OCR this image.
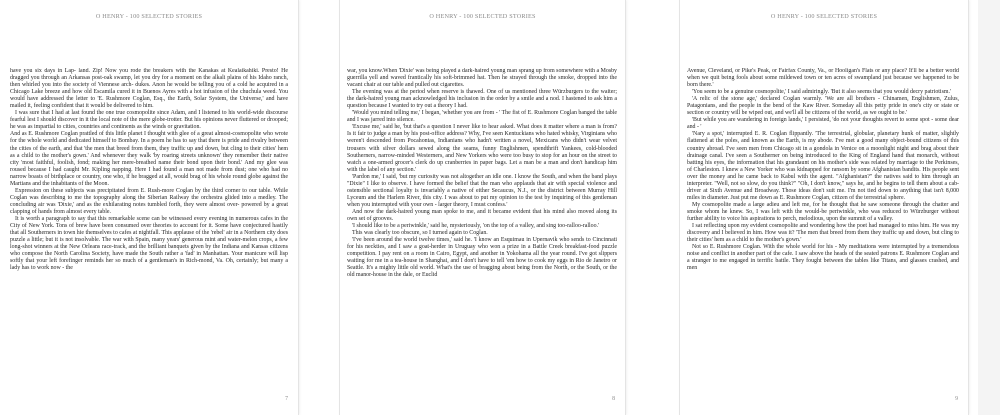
O HENRY - 100 SELECTED STORIES

have you six days in Lap- land. Zip! Now you rode the breakers with the Kanakas at Kealaikahiki. Presto! He dragged you through an Arkansas post-oak swamp, let you dry for a moment on the alkali plains of his Idaho ranch, then whirled you into the society of Viennese arch- dukes. Anon he would be telling you of a cold he acquired in a Chicago Lake breeze and how old Escamila cured it in Buenos Ayres with a hot infusion of the chuchula weed. You would have addressed the letter to 'E. Rushmore Coglan, Esq., the Earth, Solar System, the Universe,' and have mailed it, feeling confident that it would be delivered to him.

I was sure that I had at last found the one true cosmopolite since Adam, and I listened to his world-wide discourse fearful lest I should discover in it the local note of the mere globe-trotter. But his opinions never fluttered or drooped; he was as impartial to cities, countries and continents as the winds or gravitation.

And as E. Rushmore Coglan prattled of this little planet I thought with glee of a great almost-cosmopolite who wrote for the whole world and dedicated himself to Bombay. In a poem he has to say that there is pride and rivalry between the cities of the earth, and that 'the men that breed from them, they traffic up and down, but cling to their cities' hem as a child to the mother's gown.' And whenever they walk 'by roaring streets unknown' they remember their native city 'most faithful, foolish, fond; making her mere-breathed name their bond upon their bond.' And my glee was roused because I had caught Mr. Kipling napping. Here I had found a man not made from dust; one who had no narrow boasts of birthplace or country, one who, if he bragged at all, would brag of his whole round globe against the Martians and the inhabitants of the Moon.

Expression on these subjects was precipitated from E. Rush-more Coglan by the third corner to our table. While Coglan was describing to me the topography along the Siberian Railway the orchestra glided into a medley. The concluding air was 'Dixie,' and as the exhilarating notes tumbled forth, they were almost over- powered by a great clapping of hands from almost every table.

It is worth a paragraph to say that this remarkable scene can be witnessed every evening in numerous cafes in the City of New York. Tons of brew have been consumed over theories to account for it. Some have conjectured hastily that all Southerners in town hie themselves to cafes at nightfall. This applause of the 'rebel' air in a Northern city does puzzle a little; but it is not insolvable. The war with Spain, many years' generous mint and water-melon crops, a few long-shot winners at the New Orleans race-track, and the brilliant banquets given by the Indiana and Kansas citizens who compose the North Carolina Society, have made the South rather a 'fad' in Manhattan. Your manicure will lisp softly that your left forefinger reminds her so much of a gentleman's in Rich-mond, Va. Oh, certainly; but many a lady has to work now - the

7
O HENRY - 100 SELECTED STORIES

war, you know.When 'Dixie' was being played a dark-haired young man sprang up from somewhere with a Mosby guerrilla yell and waved frantically his soft-brimmed hat. Then he strayed through the smoke, dropped into the vacant chair at our table and pulled out cigarettes.

The evening was at the period when reserve is thawed. One of us mentioned three Würzburgers to the waiter; the dark-haired young man acknowledged his inclusion in the order by a smile and a nod. I hastened to ask him a question because I wanted to try out a theory I had.

'Would you mind telling me,' I began, 'whether you are from - ' The fist of E. Rushmore Coglan banged the table and I was jarred into silence.

'Excuse me,' said he, 'but that's a question I never like to hear asked. What does it matter where a man is from? Is it fair to judge a man by his post-office address? Why, I've seen Kentuckians who hated whisky, Virginians who weren't descended from Pocahontas, Indianians who hadn't written a novel, Mexicans who didn't wear velvet trousers with silver dollars sewed along the seams, funny Englishmen, spendthrift Yankees, cold-blooded Southerners, narrow-minded Westerners, and New Yorkers who were too busy to stop for an hour on the street to watch a one-armed grocer's clerk do up cranberries in paper bags. Let a man be a man and don't handicap him with the label of any section.'

'Pardon me,' I said, 'but my curiosity was not altogether an idle one. I know the South, and when the band plays "Dixie" I like to observe. I have formed the belief that the man who applauds that air with special violence and ostensible sectional loyalty is invariably a native of either Secaucus, N.J., or the district between Murray Hill Lyceum and the Harlem River, this city. I was about to put my opinion to the test by inquiring of this gentleman when you interrupted with your own - larger theory, I must confess.'

And now the dark-haired young man spoke to me, and it became evident that his mind also moved along its own set of grooves.

'I should like to be a periwinkle,' said he, mysteriously, 'on the top of a valley, and sing too-ralloo-ralloo.'

This was clearly too obscure, so I turned again to Coglan.

'I've been around the world twelve times,' said he. 'I know an Esquimau in Upernavik who sends to Cincinnati for his neckties, and I saw a goat-herder in Uruguay who won a prize in a Battle Creek breakfast-food puzzle competition. I pay rent on a room in Cairo, Egypt, and another in Yokohama all the year round. I've got slippers waiting for me in a tea-house in Shanghai, and I don't have to tell 'em how to cook my eggs in Rio de Janeiro or Seattle. It's a mighty little old world. What's the use of bragging about being from the North, or the South, or the old manor-house in the dale, or Euclid

8
O HENRY - 100 SELECTED STORIES

Avenue, Cleveland, or Pike's Peak, or Fairfax County, Va., or Hooligan's Flats or any place? It'll be a better world when we quit being fools about some mildewed town or ten acres of swampland just because we happened to be born there.'

'You seem to be a genuine cosmopolite,' I said admiringly. 'But it also seems that you would decry patriotism.'

'A relic of the stone age,' declared Coglan warmly. 'We are all brothers - Chinamen, Englishmen, Zulus, Patagonians, and the people in the bend of the Kaw River. Someday all this petty pride in one's city or state or section or country will be wiped out, and we'll all be citizens of the world, as we ought to be.'

'But while you are wandering in foreign lands,' I persisted, 'do not your thoughts revert to some spot - some dear and - '

'Nary a spot,' interrupted E. R. Coglan flippantly. 'The terrestrial, globular, planetary hunk of matter, slightly flattened at the poles, and known as the Earth, is my abode. I've met a good many object-bound citizens of this country abroad. I've seen men from Chicago sit in a gondola in Venice on a moonlight night and brag about their drainage canal. I've seen a Southerner on being introduced to the King of England hand that monarch, without batting his eyes, the information that his grandaunt on his mother's side was related by marriage to the Perkinses, of Charleston. I knew a New Yorker who was kidnapped for ransom by some Afghanistan bandits. His people sent over the money and he came back to Kabul with the agent. "Afghanistan?" the natives said to him through an interpreter. "Well, not so slow, do you think?" "Oh, I don't know," says he, and he begins to tell them about a cab-driver at Sixth Avenue and Broadway. Those ideas don't suit me. I'm not tied down to anything that isn't 8,000 miles in diameter. Just put me down as E. Rushmore Coglan, citizen of the terrestrial sphere.

My cosmopolite made a large adieu and left me, for he thought that he saw someone through the chatter and smoke whom he knew. So, I was left with the would-be periwinkle, who was reduced to Würzburger without further ability to voice his aspirations to perch, melodious, upon the summit of a valley.

I sat reflecting upon my evident cosmopolite and wondering how the poet had managed to miss him. He was my discovery and I believed in him. How was it? 'The men that breed from them they traffic up and down, but cling to their cities' hem as a child to the mother's gown.'

Not so E. Rushmore Coglan. With the whole world for his - My meditations were interrupted by a tremendous noise and conflict in another part of the cafe. I saw above the heads of the seated patrons E. Rushmore Coglan and a stranger to me engaged in terrific battle. They fought between the tables like Titans, and glasses crashed, and men

9
